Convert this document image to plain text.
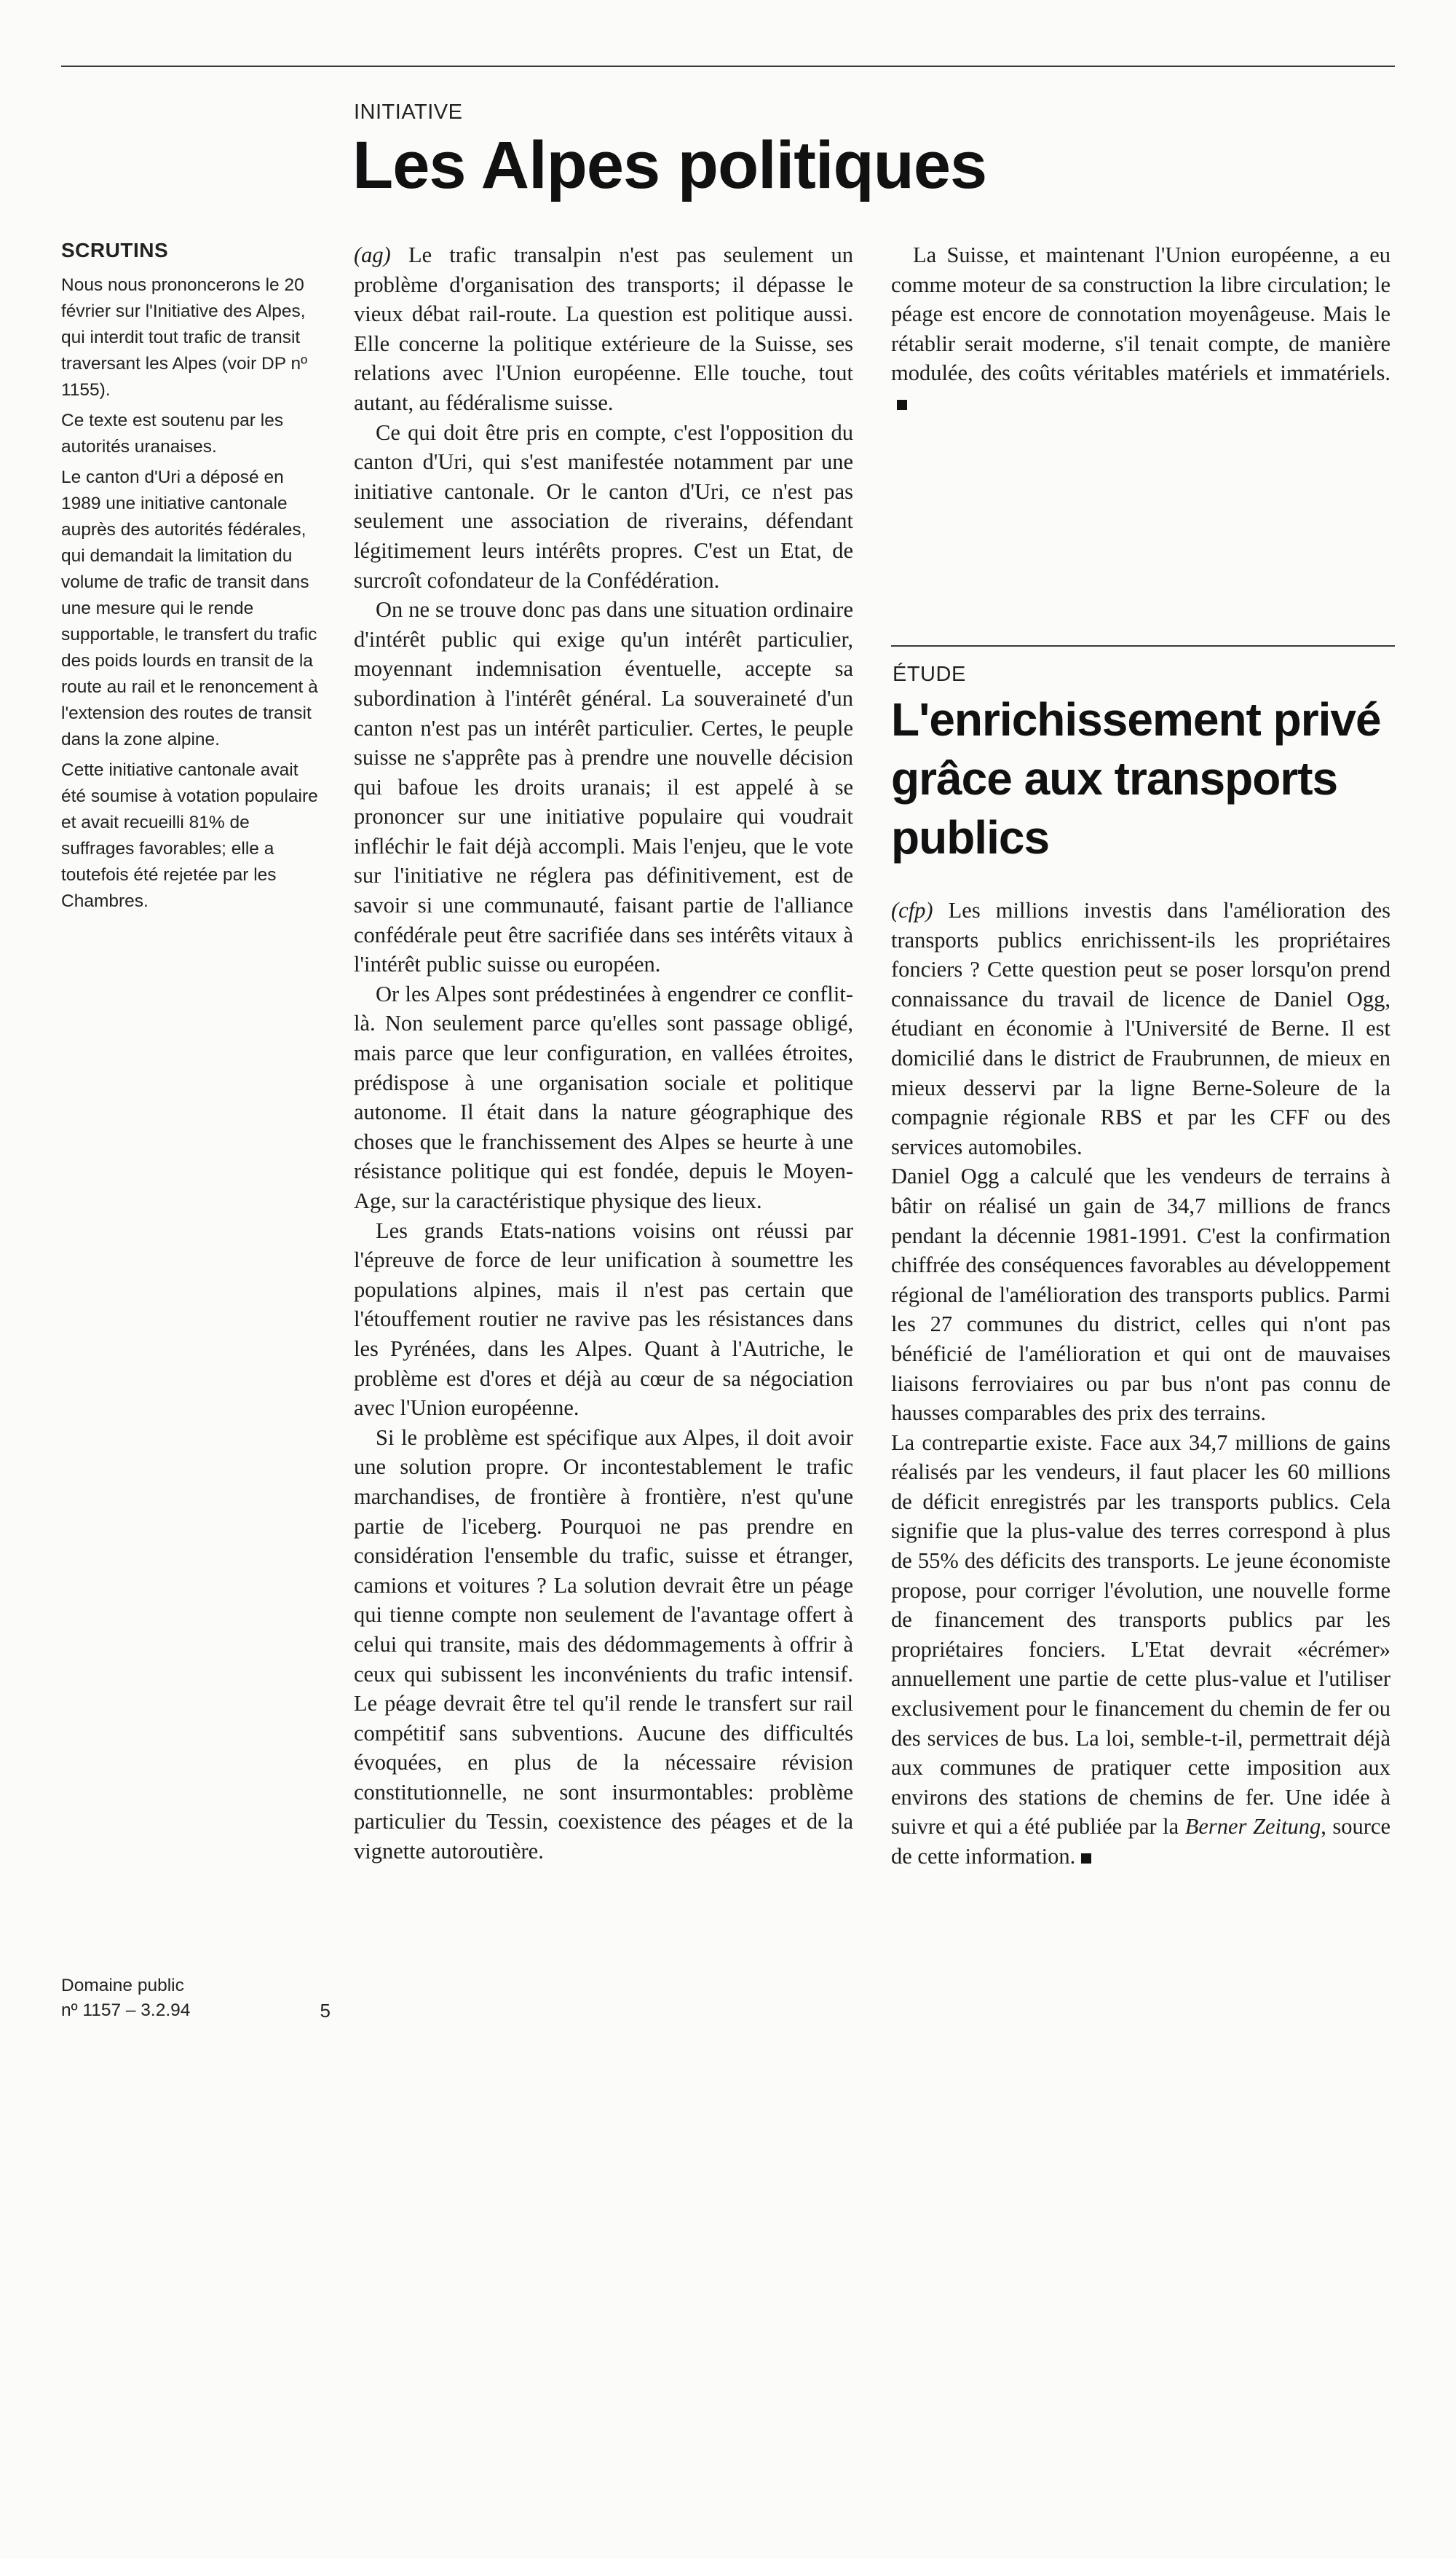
INITIATIVE
Les Alpes politiques
SCRUTINS

Nous nous prononcerons le 20 février sur l'Initiative des Alpes, qui interdit tout trafic de transit traversant les Alpes (voir DP nº 1155).

Ce texte est soutenu par les autorités uranaises.

Le canton d'Uri a déposé en 1989 une initiative cantonale auprès des autorités fédérales, qui demandait la limitation du volume de trafic de transit dans une mesure qui le rende supportable, le transfert du trafic des poids lourds en transit de la route au rail et le renoncement à l'extension des routes de transit dans la zone alpine.

Cette initiative cantonale avait été soumise à votation populaire et avait recueilli 81% de suffrages favorables; elle a toutefois été rejetée par les Chambres.

(ag) Le trafic transalpin n'est pas seulement un problème d'organisation des transports; il dépasse le vieux débat rail-route. La question est politique aussi. Elle concerne la politique extérieure de la Suisse, ses relations avec l'Union européenne. Elle touche, tout autant, au fédéralisme suisse.

Ce qui doit être pris en compte, c'est l'opposition du canton d'Uri, qui s'est manifestée notamment par une initiative cantonale. Or le canton d'Uri, ce n'est pas seulement une association de riverains, défendant légitimement leurs intérêts propres. C'est un Etat, de surcroît cofondateur de la Confédération.

On ne se trouve donc pas dans une situation ordinaire d'intérêt public qui exige qu'un intérêt particulier, moyennant indemnisation éventuelle, accepte sa subordination à l'intérêt général. La souveraineté d'un canton n'est pas un intérêt particulier. Certes, le peuple suisse ne s'apprête pas à prendre une nouvelle décision qui bafoue les droits uranais; il est appelé à se prononcer sur une initiative populaire qui voudrait infléchir le fait déjà accompli. Mais l'enjeu, que le vote sur l'initiative ne réglera pas définitivement, est de savoir si une communauté, faisant partie de l'alliance confédérale peut être sacrifiée dans ses intérêts vitaux à l'intérêt public suisse ou européen.

Or les Alpes sont prédestinées à engendrer ce conflit-là. Non seulement parce qu'elles sont passage obligé, mais parce que leur configuration, en vallées étroites, prédispose à une organisation sociale et politique autonome. Il était dans la nature géographique des choses que le franchissement des Alpes se heurte à une résistance politique qui est fondée, depuis le Moyen-Age, sur la caractéristique physique des lieux.

Les grands Etats-nations voisins ont réussi par l'épreuve de force de leur unification à soumettre les populations alpines, mais il n'est pas certain que l'étouffement routier ne ravive pas les résistances dans les Pyrénées, dans les Alpes. Quant à l'Autriche, le problème est d'ores et déjà au cœur de sa négociation avec l'Union européenne.

Si le problème est spécifique aux Alpes, il doit avoir une solution propre. Or incontestablement le trafic marchandises, de frontière à frontière, n'est qu'une partie de l'iceberg. Pourquoi ne pas prendre en considération l'ensemble du trafic, suisse et étranger, camions et voitures ? La solution devrait être un péage qui tienne compte non seulement de l'avantage offert à celui qui transite, mais des dédommagements à offrir à ceux qui subissent les inconvénients du trafic intensif. Le péage devrait être tel qu'il rende le transfert sur rail compétitif sans subventions. Aucune des difficultés évoquées, en plus de la nécessaire révision constitutionnelle, ne sont insurmontables: problème particulier du Tessin, coexistence des péages et de la vignette autoroutière.

La Suisse, et maintenant l'Union européenne, a eu comme moteur de sa construction la libre circulation; le péage est encore de connotation moyenâgeuse. Mais le rétablir serait moderne, s'il tenait compte, de manière modulée, des coûts véritables matériels et immatériels.

ÉTUDE
L'enrichissement privé grâce aux transports publics

(cfp) Les millions investis dans l'amélioration des transports publics enrichissent-ils les propriétaires fonciers ? Cette question peut se poser lorsqu'on prend connaissance du travail de licence de Daniel Ogg, étudiant en économie à l'Université de Berne. Il est domicilié dans le district de Fraubrunnen, de mieux en mieux desservi par la ligne Berne-Soleure de la compagnie régionale RBS et par les CFF ou des services automobiles.

Daniel Ogg a calculé que les vendeurs de terrains à bâtir on réalisé un gain de 34,7 millions de francs pendant la décennie 1981-1991. C'est la confirmation chiffrée des conséquences favorables au développement régional de l'amélioration des transports publics. Parmi les 27 communes du district, celles qui n'ont pas bénéficié de l'amélioration et qui ont de mauvaises liaisons ferroviaires ou par bus n'ont pas connu de hausses comparables des prix des terrains.

La contrepartie existe. Face aux 34,7 millions de gains réalisés par les vendeurs, il faut placer les 60 millions de déficit enregistrés par les transports publics. Cela signifie que la plus-value des terres correspond à plus de 55% des déficits des transports. Le jeune économiste propose, pour corriger l'évolution, une nouvelle forme de financement des transports publics par les propriétaires fonciers. L'Etat devrait «écrémer» annuellement une partie de cette plus-value et l'utiliser exclusivement pour le financement du chemin de fer ou des services de bus. La loi, semble-t-il, permettrait déjà aux communes de pratiquer cette imposition aux environs des stations de chemins de fer. Une idée à suivre et qui a été publiée par la Berner Zeitung, source de cette information.

Domaine public
nº 1157 – 3.2.94	5
